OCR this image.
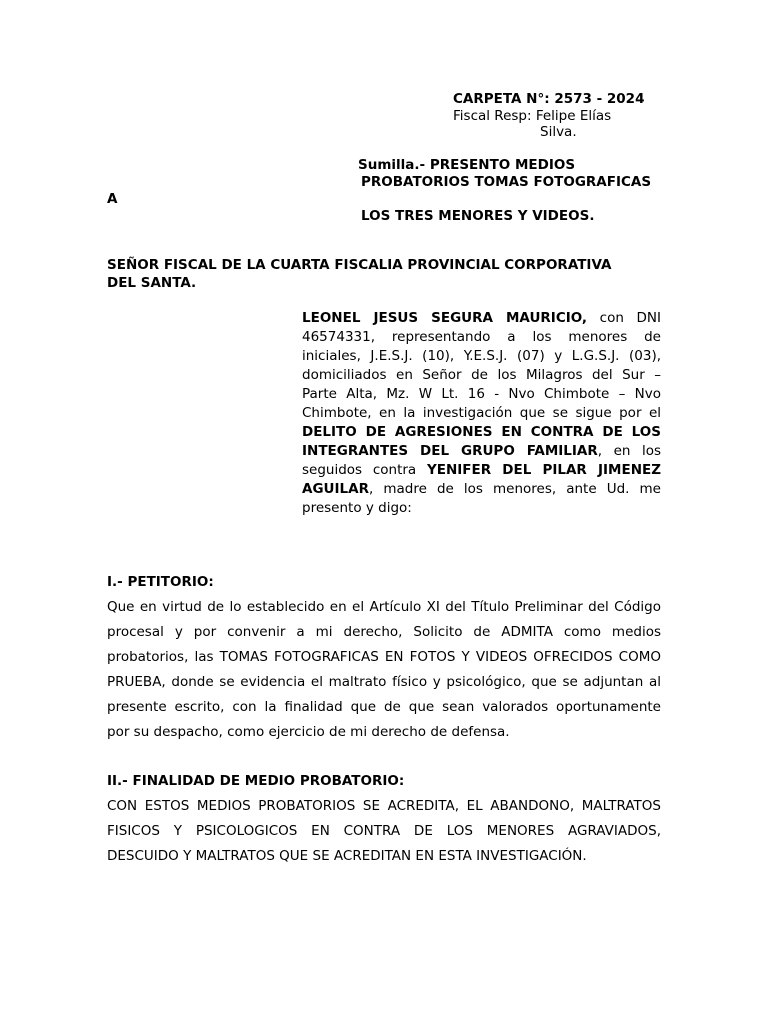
CARPETA N°: 2573 - 2024
Fiscal Resp: Felipe Elías
Silva.
Sumilla.- PRESENTO MEDIOS
PROBATORIOS TOMAS FOTOGRAFICAS
LOS TRES MENORES Y VIDEOS.
A
SEÑOR FISCAL DE LA CUARTA FISCALIA PROVINCIAL CORPORATIVA
DEL SANTA.
LEONEL JESUS SEGURA MAURICIO, con DNI
46574331, representando a los menores de
iniciales, J.E.S.J. (10), Y.E.S.J. (07) y L.G.S.J. (03),
domiciliados en Señor de los Milagros del Sur –
Parte Alta, Mz. W Lt. 16 - Nvo Chimbote – Nvo
Chimbote, en la investigación que se sigue por el
DELITO DE AGRESIONES EN CONTRA DE LOS
INTEGRANTES DEL GRUPO FAMILIAR, en los
seguidos contra YENIFER DEL PILAR JIMENEZ
AGUILAR, madre de los menores, ante Ud. me
presento y digo:
I.- PETITORIO:
Que en virtud de lo establecido en el Artículo XI del Título Preliminar del Código
procesal y por convenir a mi derecho, Solicito de ADMITA como medios
probatorios, las TOMAS FOTOGRAFICAS EN FOTOS Y VIDEOS OFRECIDOS COMO
PRUEBA, donde se evidencia el maltrato físico y psicológico, que se adjuntan al
presente escrito, con la finalidad que de que sean valorados oportunamente
por su despacho, como ejercicio de mi derecho de defensa.
II.- FINALIDAD DE MEDIO PROBATORIO:
CON ESTOS MEDIOS PROBATORIOS SE ACREDITA, EL ABANDONO, MALTRATOS
FISICOS Y PSICOLOGICOS EN CONTRA DE LOS MENORES AGRAVIADOS,
DESCUIDO Y MALTRATOS QUE SE ACREDITAN EN ESTA INVESTIGACIÓN.
